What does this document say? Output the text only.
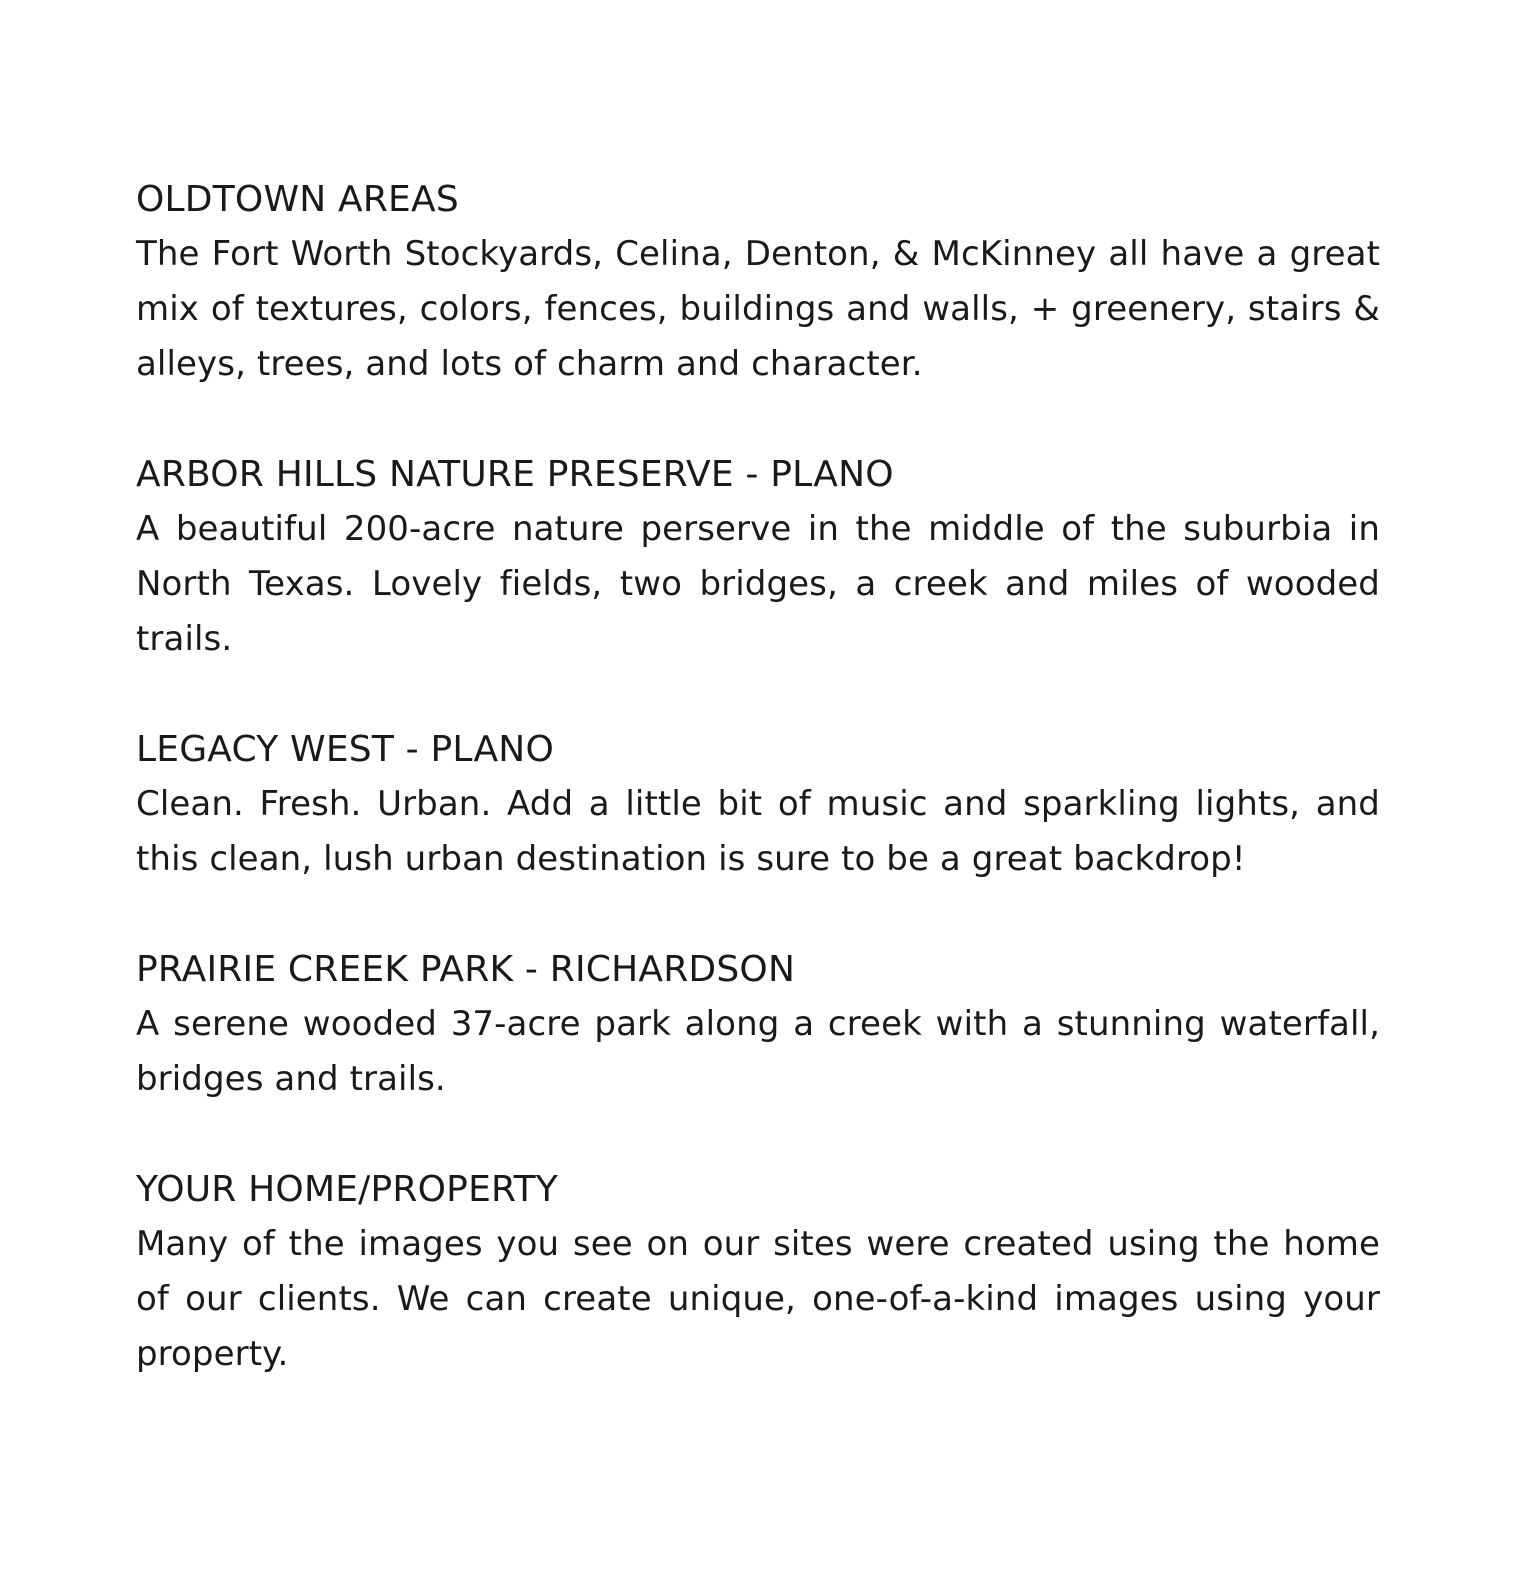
OLDTOWN AREAS

The Fort Worth Stockyards, Celina, Denton, & McKinney all have a great mix of textures, colors, fences, buildings and walls, + greenery, stairs & alleys, trees, and lots of charm and character.

ARBOR HILLS NATURE PRESERVE - PLANO

A beautiful 200-acre nature perserve in the middle of the suburbia in North Texas. Lovely fields, two bridges, a creek and miles of wooded trails.

LEGACY WEST - PLANO

Clean. Fresh. Urban. Add a little bit of music and sparkling lights, and this clean, lush urban destination is sure to be a great backdrop!

PRAIRIE CREEK PARK - RICHARDSON

A serene wooded 37-acre park along a creek with a stunning waterfall, bridges and trails.

YOUR HOME/PROPERTY

Many of the images you see on our sites were created using the home of our clients. We can create unique, one-of-a-kind images using your property.
